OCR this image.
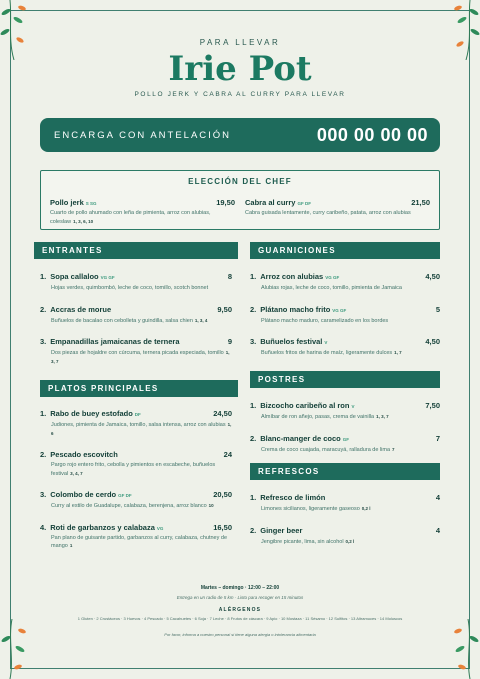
PARA LLEVAR
Irie Pot
POLLO JERK Y CABRA AL CURRY PARA LLEVAR
ENCARGA CON ANTELACIÓN	000 00 00 00
ELECCIÓN DEL CHEF
Pollo jerk S SG	19,50
Cuarto de pollo ahumado con leña de pimienta, arroz con alubias, coleslaw 1, 3, 6, 10
Cabra al curry GF DF	21,50
Cabra guisada lentamente, curry caribeño, patata, arroz con alubias
ENTRANTES
1. Sopa callaloo VG GF	8
Hojas verdes, quimbombó, leche de coco, tomillo, scotch bonnet
2. Accras de morue	9,50
Buñuelos de bacalao con cebolleta y guindilla, salsa chien 1, 3, 4
3. Empanadillas jamaicanas de ternera	9
Dos piezas de hojaldre con cúrcuma, ternera picada especiada, tomillo 1, 3, 7
GUARNICIONES
1. Arroz con alubias VG GF	4,50
Alubias rojas, leche de coco, tomillo, pimienta de Jamaica
2. Plátano macho frito VG GF	5
Plátano macho maduro, caramelizado en los bordes
3. Buñuelos festival V	4,50
Buñuelos fritos de harina de maíz, ligeramente dulces 1, 7
PLATOS PRINCIPALES
1. Rabo de buey estofado DF	24,50
Judiones, pimienta de Jamaica, tomillo, salsa intensa, arroz con alubias 1, 6
2. Pescado escovitch	24
Pargo rojo entero frito, cebolla y pimientos en escabeche, buñuelos festival 3, 4, 7
3. Colombo de cerdo GF DF	20,50
Curry al estilo de Guadalupe, calabaza, berenjena, arroz blanco 10
4. Roti de garbanzos y calabaza VG	16,50
Pan plano de guisante partido, garbanzos al curry, calabaza, chutney de mango 1
POSTRES
1. Bizcocho caribeño al ron V	7,50
Almíbar de ron añejo, pasas, crema de vainilla 1, 3, 7
2. Blanc-manger de coco GF	7
Crema de coco cuajada, maracuyá, ralladura de lima 7
REFRESCOS
1. Refresco de limón	4
Limones sicilianos, ligeramente gaseoso 0,2 l
2. Ginger beer	4
Jengibre picante, lima, sin alcohol 0,2 l
Martes – domingo · 12:00 – 22:00
Entrega en un radio de 5 km · Listo para recoger en 15 minutos
ALÉRGENOS
1 Gluten · 2 Crustáceos · 3 Huevos · 4 Pescado · 5 Cacahuetes · 6 Soja · 7 Leche · 8 Frutos de cáscara · 9 Apio · 10 Mostaza · 11 Sésamo · 12 Sulfitos · 13 Altramuces · 14 Moluscos
Por favor, informa a nuestro personal si tiene alguna alergia o intolerancia alimentaria
